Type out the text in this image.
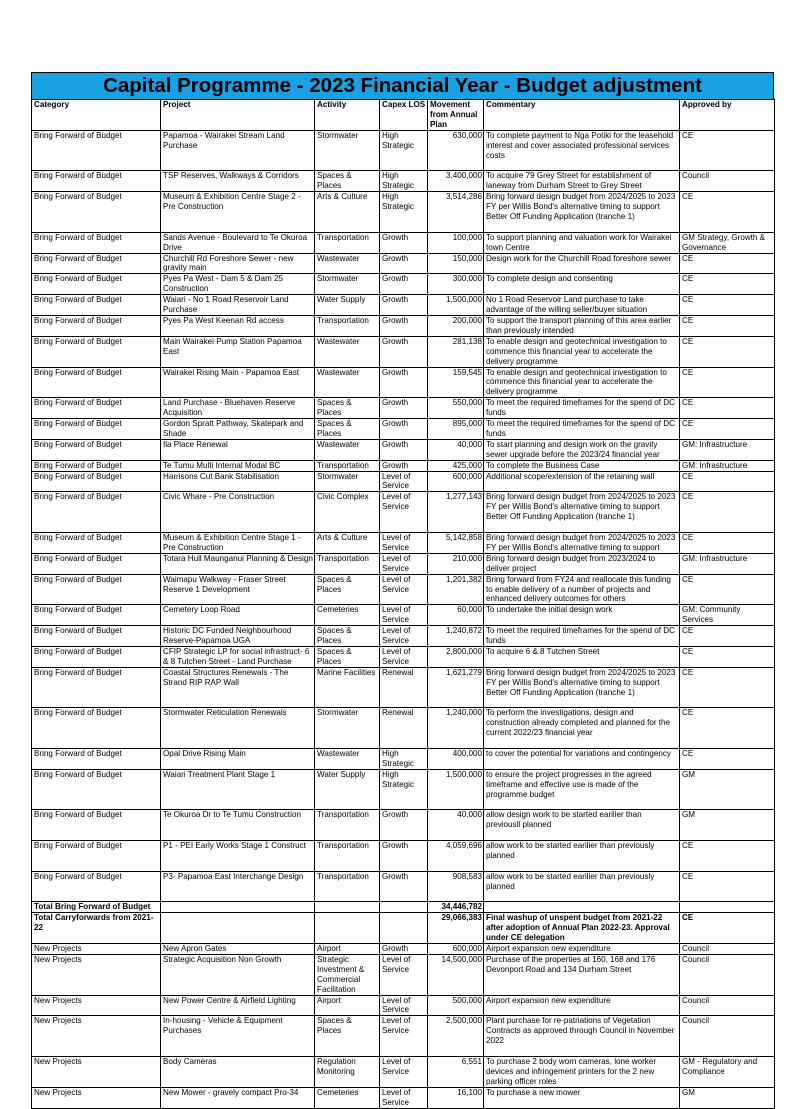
Capital Programme - 2023 Financial Year - Budget adjustment
Category	Project	Activity	Capex LOS	Movement from Annual Plan	Commentary	Approved by
Bring Forward of Budget	Papamoa - Wairakei Stream Land Purchase	Stormwater	High Strategic	630,000	To complete payment to Nga Potiki for the leasehold interest and cover associated professional services costs	CE
Bring Forward of Budget	TSP Reserves, Walkways & Corridors	Spaces & Places	High Strategic	3,400,000	To acquire 79 Grey Street for establishment of laneway from Durham Street to Grey Street	Council
Bring Forward of Budget	Museum & Exhibition Centre Stage 2 - Pre Construction	Arts & Culture	High Strategic	3,514,286	Bring forward design budget from 2024/2025 to 2023 FY per Willis Bond's alternative timing to support Better Off Funding Application (tranche 1)	CE
Bring Forward of Budget	Sands Avenue - Boulevard to Te Okuroa Drive	Transportation	Growth	100,000	To support planning and valuation work for Wairakei town Centre	GM Strategy, Growth & Governance
Bring Forward of Budget	Churchill Rd Foreshore Sewer - new gravity main	Wastewater	Growth	150,000	Design work for the Churchill Road foreshore sewer	CE
Bring Forward of Budget	Pyes Pa West - Dam 5 & Dam 25 Construction	Stormwater	Growth	300,000	To complete design and consenting	CE
Bring Forward of Budget	Waiari - No 1 Road Reservoir Land Purchase	Water Supply	Growth	1,500,000	No 1 Road Reservoir Land purchase to take advantage of the willing seller/buyer situation	CE
Bring Forward of Budget	Pyes Pa West Keenan Rd access	Transportation	Growth	200,000	To support the transport planning of this area earlier than previously intended	CE
Bring Forward of Budget	Main Wairakei Pump Station Papamoa East	Wastewater	Growth	281,138	To enable design and geotechnical investigation to commence this financial year to accelerate the delivery programme	CE
Bring Forward of Budget	Wairakei Rising Main - Papamoa East	Wastewater	Growth	159,545	To enable design and geotechnical investigation to commence this financial year to accelerate the delivery programme	CE
Bring Forward of Budget	Land Purchase - Bluehaven Reserve Acquisition	Spaces & Places	Growth	550,000	To meet the required timeframes for the spend of DC funds	CE
Bring Forward of Budget	Gordon Spratt Pathway, Skatepark and Shade	Spaces & Places	Growth	895,000	To meet the required timeframes for the spend of DC funds	CE
Bring Forward of Budget	Ila Place Renewal	Wastewater	Growth	40,000	To start planning and design work on the gravity sewer upgrade before the 2023/24 financial year	GM: Infrastructure
Bring Forward of Budget	Te Tumu Multi Internal Modal BC	Transportation	Growth	425,000	To complete the Business Case	GM: Infrastructure
Bring Forward of Budget	Harrisons Cut Bank Stabilisation	Stormwater	Level of Service	600,000	Additional scope/extension of the retaining wall	CE
Bring Forward of Budget	Civic Whare - Pre Construction	Civic Complex	Level of Service	1,277,143	Bring forward design budget from 2024/2025 to 2023 FY per Willis Bond's alternative timing to support Better Off Funding Application (tranche 1)	CE
Bring Forward of Budget	Museum & Exhibition Centre Stage 1 - Pre Construction	Arts & Culture	Level of Service	5,142,858	Bring forward design budget from 2024/2025 to 2023 FY per Willis Bond's alternative timing to support	CE
Bring Forward of Budget	Totara Hull Maunganui Planning & Design	Transportation	Level of Service	210,000	Bring forward design budget from 2023/2024 to deliver project	GM: Infrastructure
Bring Forward of Budget	Waimapu Walkway - Fraser Street Reserve 1 Development	Spaces & Places	Level of Service	1,201,382	Bring forward from FY24 and reallocate this funding to enable delivery of a number of projects and enhanced delivery outcomes for others	CE
Bring Forward of Budget	Cemetery Loop Road	Cemeteries	Level of Service	60,000	To undertake the initial design work	GM: Community Services
Bring Forward of Budget	Historic DC Funded Neighbourhood Reserve-Papamoa UGA	Spaces & Places	Level of Service	1,240,872	To meet the required timeframes for the spend of DC funds	CE
Bring Forward of Budget	CFIP Strategic LP for social infrastruct- 6 & 8 Tutchen Street - Land Purchase	Spaces & Places	Level of Service	2,800,000	To acquire 6 & 8 Tutchen Street	CE
Bring Forward of Budget	Coastal Structures Renewals - The Strand RIP RAP Wall	Marine Facilities	Renewal	1,621,279	Bring forward design budget from 2024/2025 to 2023 FY per Willis Bond's alternative timing to support Better Off Funding Application (tranche 1)	CE
Bring Forward of Budget	Stormwater Reticulation Renewals	Stormwater	Renewal	1,240,000	To perform the investigations, design and construction already completed and planned for the current 2022/23 financial year	CE
Bring Forward of Budget	Opal Drive Rising Main	Wastewater	High Strategic	400,000	to cover the potential for variations and contingency	CE
Bring Forward of Budget	Waiari Treatment Plant Stage 1	Water Supply	High Strategic	1,500,000	to ensure the project progresses in the agreed timeframe and effective use is made of the programme budget	GM
Bring Forward of Budget	Te Okuroa Dr to Te Tumu Construction	Transportation	Growth	40,000	allow design work to be started earilier than previousll planned	GM
Bring Forward of Budget	P1 - PEI Early Works Stage 1 Construct	Transportation	Growth	4,059,696	allow work to be started earilier than previously planned	CE
Bring Forward of Budget	P3- Papamoa East Interchange Design	Transportation	Growth	908,583	allow work to be started earilier than previously planned	CE
Total Bring Forward of Budget				34,446,782		
Total Carryforwards from 2021-22				29,066,383	Final washup of unspent budget from 2021-22 after adoption of Annual Plan 2022-23. Approval under CE delegation	CE
New Projects	New Apron Gates	Airport	Growth	600,000	Airport expansion new expenditure	Council
New Projects	Strategic Acquisition Non Growth	Strategic Investment & Commercial Facilitation	Level of Service	14,500,000	Purchase of the properties at 160, 168 and 176 Devonport Road and 134 Durham Street	Council
New Projects	New Power Centre & Airfield Lighting	Airport	Level of Service	500,000	Airport expansion new expenditure	Council
New Projects	In-housing - Vehicle & Equipment Purchases	Spaces & Places	Level of Service	2,500,000	Plant purchase for re-patriations of Vegetation Contracts as approved through Council in November 2022	Council
New Projects	Body Cameras	Regulation Monitoring	Level of Service	6,551	To purchase 2 body worn cameras, lone worker devices and infringement printers for the 2 new parking officer roles	GM - Regulatory and Compliance
New Projects	New Mower - gravely compact Pro-34	Cemeteries	Level of Service	16,100	To purchase a new mower	GM
